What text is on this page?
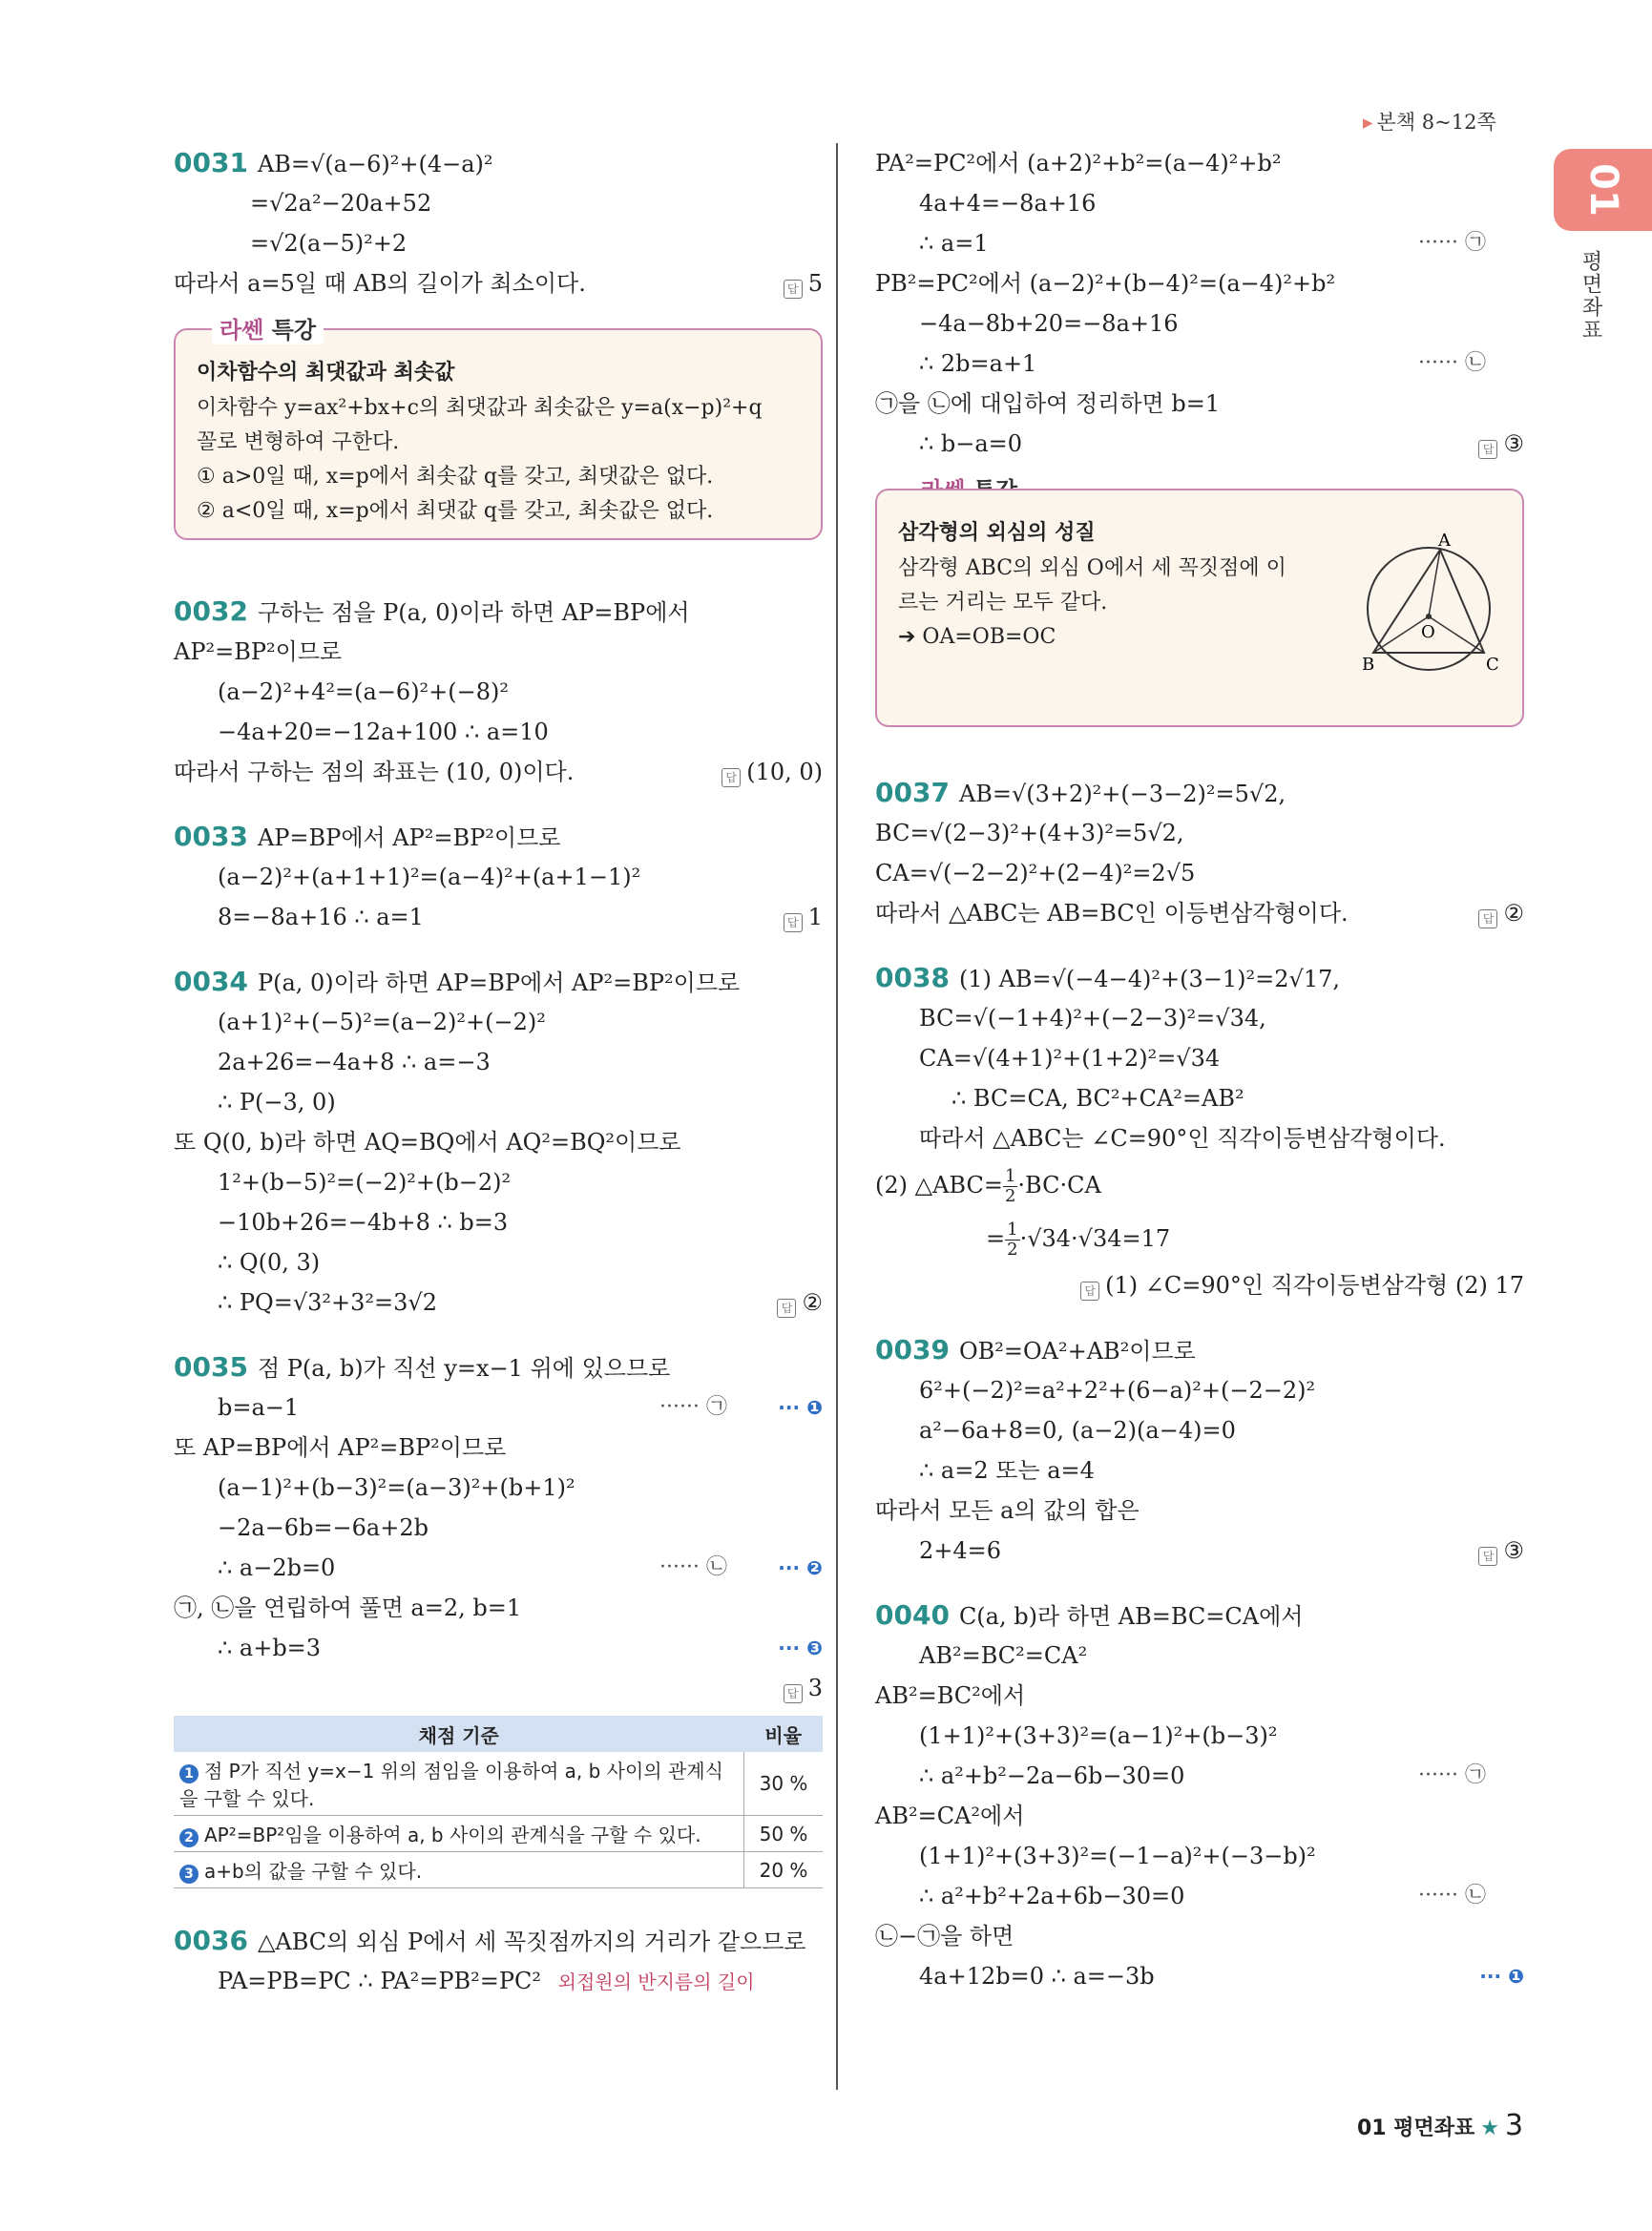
▸ 본책 8~12쪽
01
평면좌표
0031 AB=√(a−6)²+(4−a)²
=√2a²−20a+52
=√2(a−5)²+2
따라서 a=5일 때 AB의 길이가 최소이다.	답 5
라쎈 특강
이차함수의 최댓값과 최솟값
이차함수 y=ax²+bx+c의 최댓값과 최솟값은 y=a(x−p)²+q
꼴로 변형하여 구한다.
① a>0일 때, x=p에서 최솟값 q를 갖고, 최댓값은 없다.
② a<0일 때, x=p에서 최댓값 q를 갖고, 최솟값은 없다.
0032 구하는 점을 P(a, 0)이라 하면 AP=BP에서
AP²=BP²이므로
(a−2)²+4²=(a−6)²+(−8)²
−4a+20=−12a+100 ∴ a=10
따라서 구하는 점의 좌표는 (10, 0)이다.	답 (10, 0)
0033 AP=BP에서 AP²=BP²이므로
(a−2)²+(a+1+1)²=(a−4)²+(a+1−1)²
8=−8a+16 ∴ a=1	답 1
0034 P(a, 0)이라 하면 AP=BP에서 AP²=BP²이므로
(a+1)²+(−5)²=(a−2)²+(−2)²
2a+26=−4a+8 ∴ a=−3
∴ P(−3, 0)
또 Q(0, b)라 하면 AQ=BQ에서 AQ²=BQ²이므로
1²+(b−5)²=(−2)²+(b−2)²
−10b+26=−4b+8 ∴ b=3
∴ Q(0, 3)
∴ PQ=√3²+3²=3√2	답 ②
0035 점 P(a, b)가 직선 y=x−1 위에 있으므로
b=a−1	······ ㉠	··· ❶
또 AP=BP에서 AP²=BP²이므로
(a−1)²+(b−3)²=(a−3)²+(b+1)²
−2a−6b=−6a+2b
∴ a−2b=0	······ ㉡	··· ❷
㉠, ㉡을 연립하여 풀면 a=2, b=1
∴ a+b=3	··· ❸
답 3
채점 기준	비율
1 점 P가 직선 y=x−1 위의 점임을 이용하여 a, b 사이의 관계식을 구할 수 있다.	30 %
2 AP²=BP²임을 이용하여 a, b 사이의 관계식을 구할 수 있다.	50 %
3 a+b의 값을 구할 수 있다.	20 %
0036 △ABC의 외심 P에서 세 꼭짓점까지의 거리가 같으므로
PA=PB=PC ∴ PA²=PB²=PC² 외접원의 반지름의 길이
PA²=PC²에서 (a+2)²+b²=(a−4)²+b²
4a+4=−8a+16
∴ a=1	······ ㉠
PB²=PC²에서 (a−2)²+(b−4)²=(a−4)²+b²
−4a−8b+20=−8a+16
∴ 2b=a+1	······ ㉡
㉠을 ㉡에 대입하여 정리하면 b=1
∴ b−a=0	답 ③
삼각형의 외심의 성질
삼각형 ABC의 외심 O에서 세 꼭짓점에 이
르는 거리는 모두 같다.
➔ OA=OB=OC
A
B	C
O
0037 AB=√(3+2)²+(−3−2)²=5√2,
BC=√(2−3)²+(4+3)²=5√2,
CA=√(−2−2)²+(2−4)²=2√5
따라서 △ABC는 AB=BC인 이등변삼각형이다.	답 ②
0038 (1) AB=√(−4−4)²+(3−1)²=2√17,
BC=√(−1+4)²+(−2−3)²=√34,
CA=√(4+1)²+(1+2)²=√34
∴ BC=CA, BC²+CA²=AB²
따라서 △ABC는 ∠C=90°인 직각이등변삼각형이다.
(2) △ABC= $\frac{1}{2} \cdot BC\cdot CA$
= $\frac{1}{2} \cdot√34\cdot√34=17$
답 (1) ∠C=90°인 직각이등변삼각형 (2) 17
0039 OB²=OA²+AB²이므로
6²+(−2)²=a²+2²+(6−a)²+(−2−2)²
a²−6a+8=0, (a−2)(a−4)=0
∴ a=2 또는 a=4
따라서 모든 a의 값의 합은
2+4=6	답 ③
0040 C(a, b)라 하면 AB=BC=CA에서
AB²=BC²=CA²
AB²=BC²에서
(1+1)²+(3+3)²=(a−1)²+(b−3)²
∴ a²+b²−2a−6b−30=0	······ ㉠
AB²=CA²에서
(1+1)²+(3+3)²=(−1−a)²+(−3−b)²
∴ a²+b²+2a+6b−30=0	······ ㉡
㉡−㉠을 하면
4a+12b=0 ∴ a=−3b	··· ❶
01 평면좌표 ★ 3
